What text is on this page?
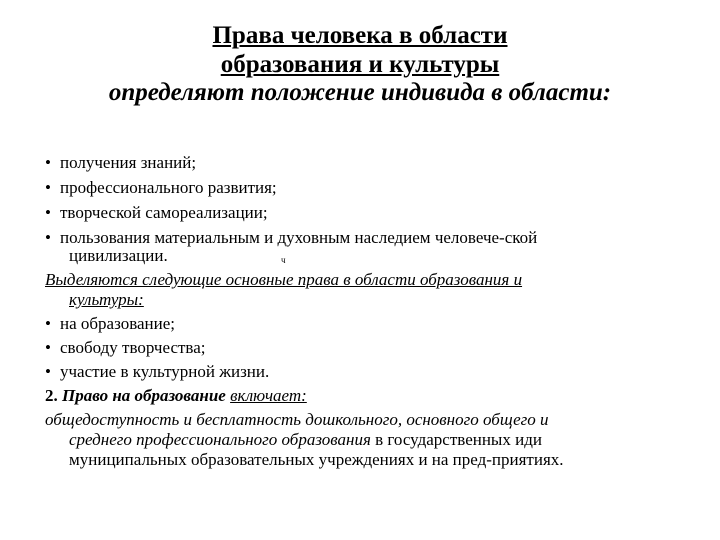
Права человека в области
образования и культуры
определяют положение индивида в области:
• получения знаний;
• профессионального развития;
• творческой самореализации;
• пользования материальным и духовным наследием человече-ской
цивилизации.	ч
Выделяются следующие основные права в области образования и
культуры:
• на образование;
• свободу творчества;
• участие в культурной жизни.
2. Право на образование включает:
общедоступность и бесплатность дошкольного, основного общего и
среднего профессионального образования в государственных иди
муниципальных образовательных учреждениях и на пред-приятиях.
